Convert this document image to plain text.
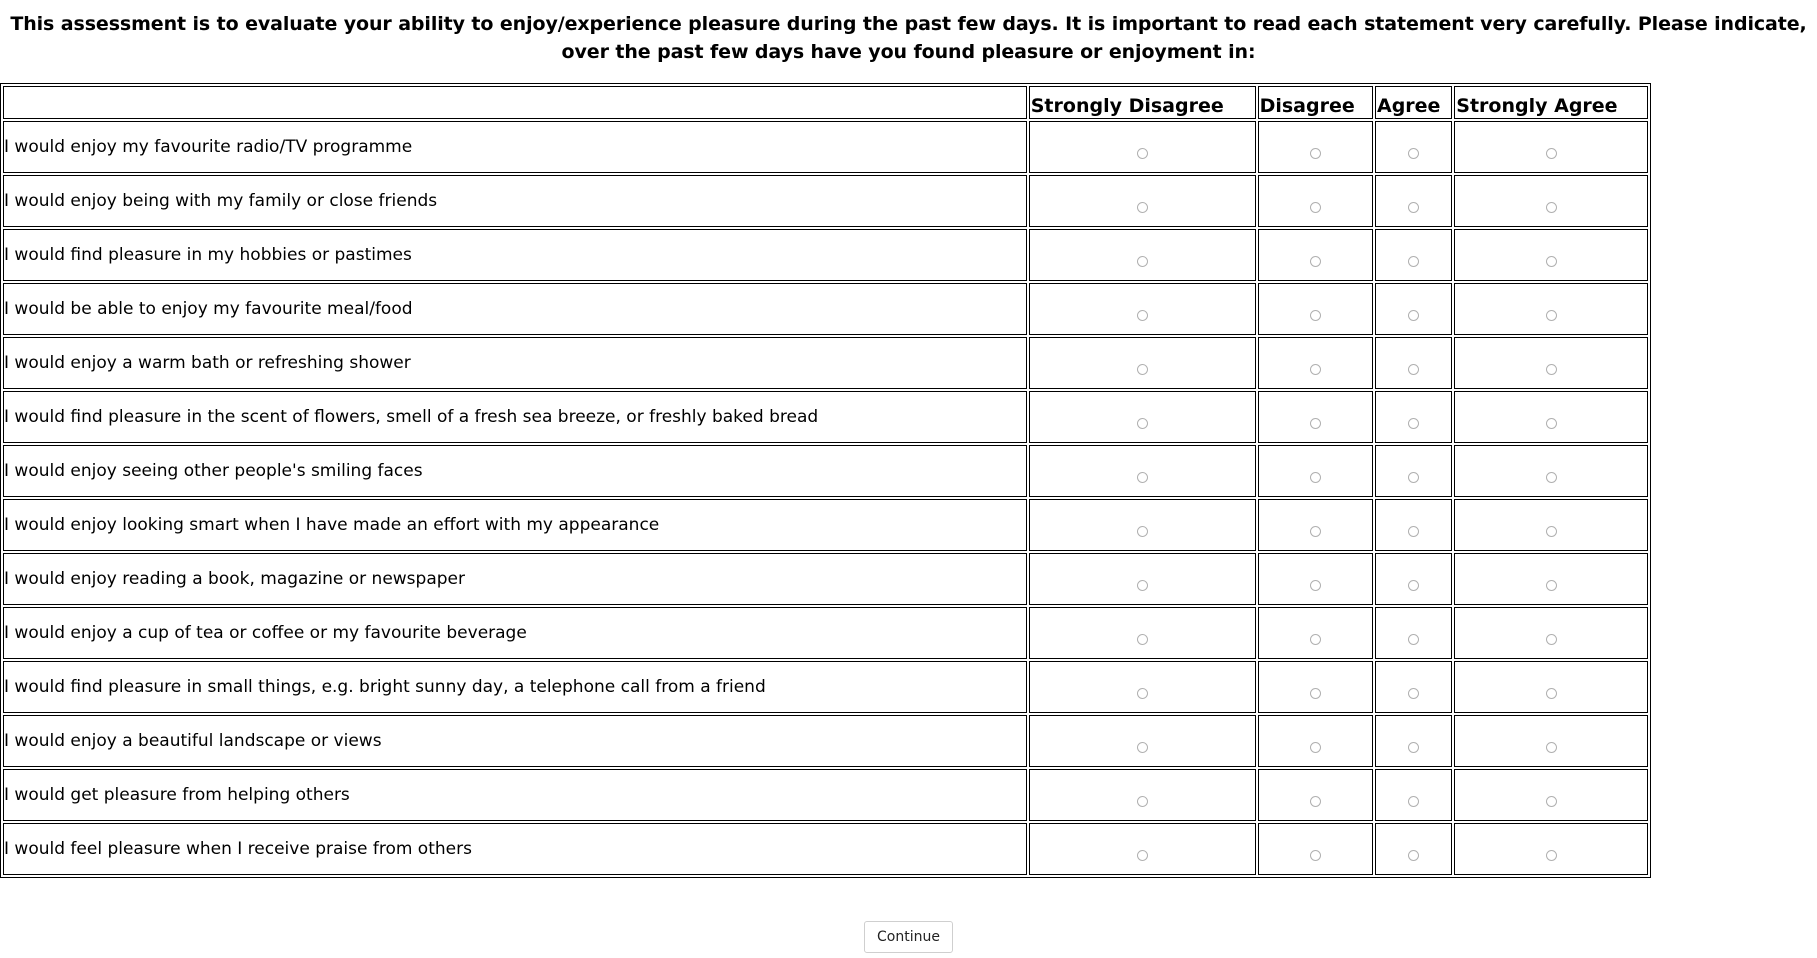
This assessment is to evaluate your ability to enjoy/experience pleasure during the past few days. It is important to read each statement very carefully. Please indicate, over the past few days have you found pleasure or enjoyment in:
	Strongly Disagree	Disagree	Agree	Strongly Agree
I would enjoy my favourite radio/TV programme				
I would enjoy being with my family or close friends				
I would find pleasure in my hobbies or pastimes				
I would be able to enjoy my favourite meal/food				
I would enjoy a warm bath or refreshing shower				
I would find pleasure in the scent of flowers, smell of a fresh sea breeze, or freshly baked bread				
I would enjoy seeing other people's smiling faces				
I would enjoy looking smart when I have made an effort with my appearance				
I would enjoy reading a book, magazine or newspaper				
I would enjoy a cup of tea or coffee or my favourite beverage				
I would find pleasure in small things, e.g. bright sunny day, a telephone call from a friend				
I would enjoy a beautiful landscape or views				
I would get pleasure from helping others				
I would feel pleasure when I receive praise from others				
Continue
